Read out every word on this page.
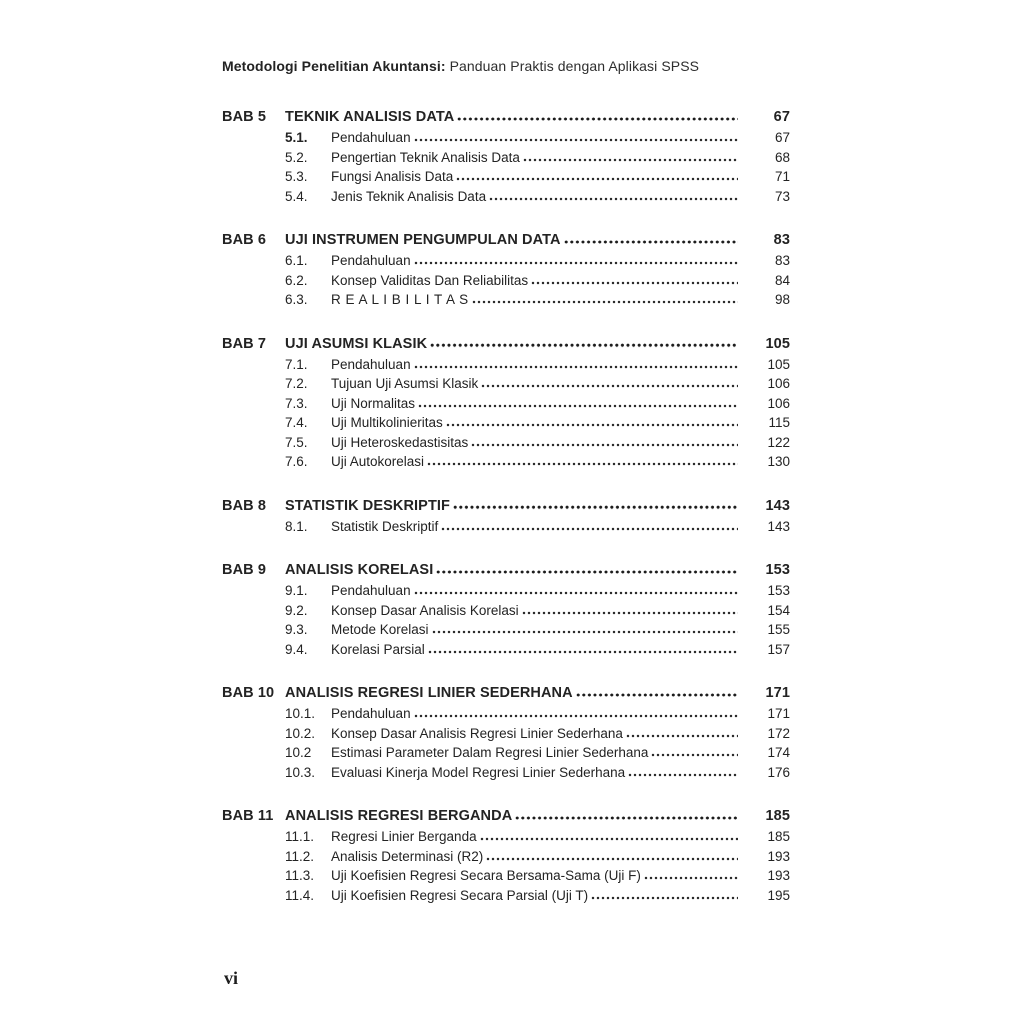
Metodologi Penelitian Akuntansi: Panduan Praktis dengan Aplikasi SPSS
BAB 5	TEKNIK ANALISIS DATA	67
5.1.	Pendahuluan	67
5.2.	Pengertian Teknik Analisis Data	68
5.3.	Fungsi Analisis Data	71
5.4.	Jenis Teknik Analisis Data	73
BAB 6	UJI INSTRUMEN PENGUMPULAN DATA	83
6.1.	Pendahuluan	83
6.2.	Konsep Validitas Dan Reliabilitas	84
6.3.	R E A L I B I L I T A S	98
BAB 7	UJI ASUMSI KLASIK	105
7.1.	Pendahuluan	105
7.2.	Tujuan Uji Asumsi Klasik	106
7.3.	Uji Normalitas	106
7.4.	Uji Multikolinieritas	115
7.5.	Uji Heteroskedastisitas	122
7.6.	Uji Autokorelasi	130
BAB 8	STATISTIK DESKRIPTIF	143
8.1.	Statistik Deskriptif	143
BAB 9	ANALISIS KORELASI	153
9.1.	Pendahuluan	153
9.2.	Konsep Dasar Analisis Korelasi	154
9.3.	Metode Korelasi	155
9.4.	Korelasi Parsial	157
BAB 10 ANALISIS REGRESI LINIER SEDERHANA	171
10.1.	Pendahuluan	171
10.2.	Konsep Dasar Analisis Regresi Linier Sederhana	172
10.2	Estimasi Parameter Dalam Regresi Linier Sederhana	174
10.3.	Evaluasi Kinerja Model Regresi Linier Sederhana	176
BAB 11 ANALISIS REGRESI BERGANDA	185
11.1.	Regresi Linier Berganda	185
11.2.	Analisis Determinasi (R2)	193
11.3.	Uji Koefisien Regresi Secara Bersama-Sama (Uji F)	193
11.4.	Uji Koefisien Regresi Secara Parsial (Uji T)	195
vi
